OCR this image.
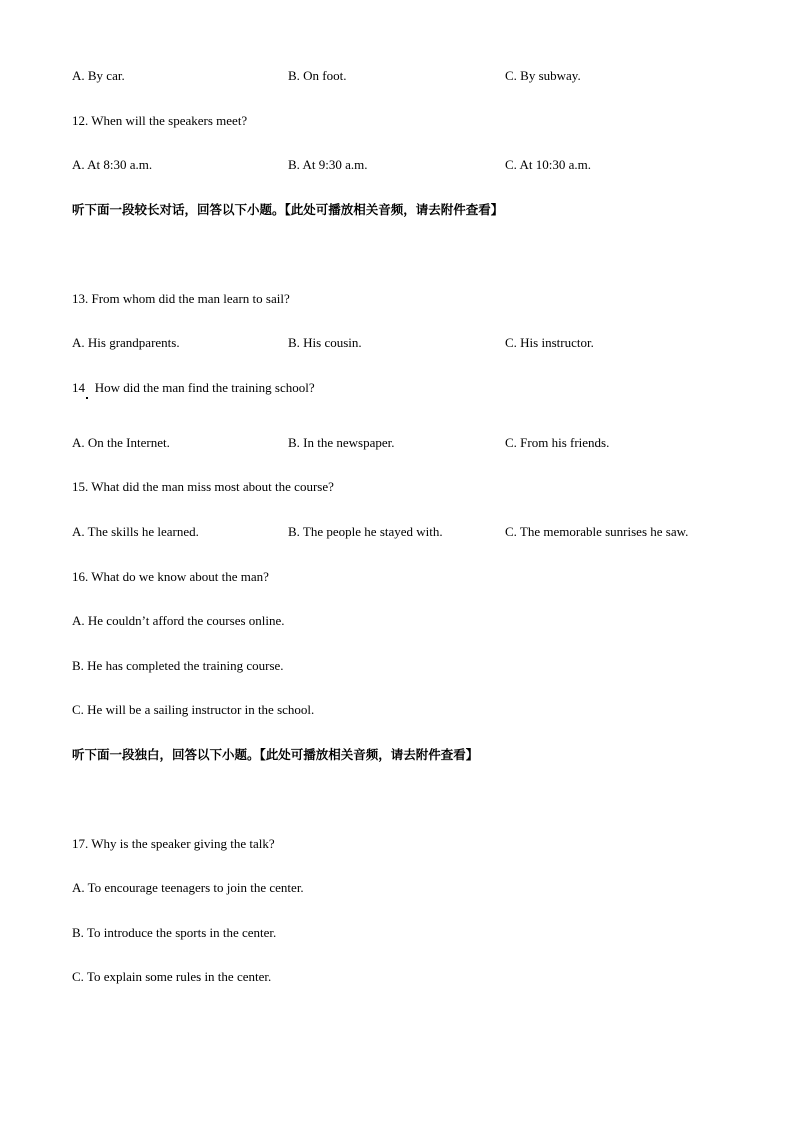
A. By car.	B. On foot.	C. By subway.
12. When will the speakers meet?
A. At 8:30 a.m.	B. At 9:30 a.m.	C. At 10:30 a.m.
听下面一段较长对话，回答以下小题。【此处可播放相关音频，请去附件查看】
13. From whom did the man learn to sail?
A. His grandparents.	B. His cousin.	C. His instructor.
14   How did the man find the training school?
A. On the Internet.	B. In the newspaper.	C. From his friends.
15. What did the man miss most about the course?
A. The skills he learned.	B. The people he stayed with.	C. The memorable sunrises he saw.
16. What do we know about the man?
A. He couldn’t afford the courses online.
B. He has completed the training course.
C. He will be a sailing instructor in the school.
听下面一段独白，回答以下小题。【此处可播放相关音频，请去附件查看】
17. Why is the speaker giving the talk?
A. To encourage teenagers to join the center.
B. To introduce the sports in the center.
C. To explain some rules in the center.
